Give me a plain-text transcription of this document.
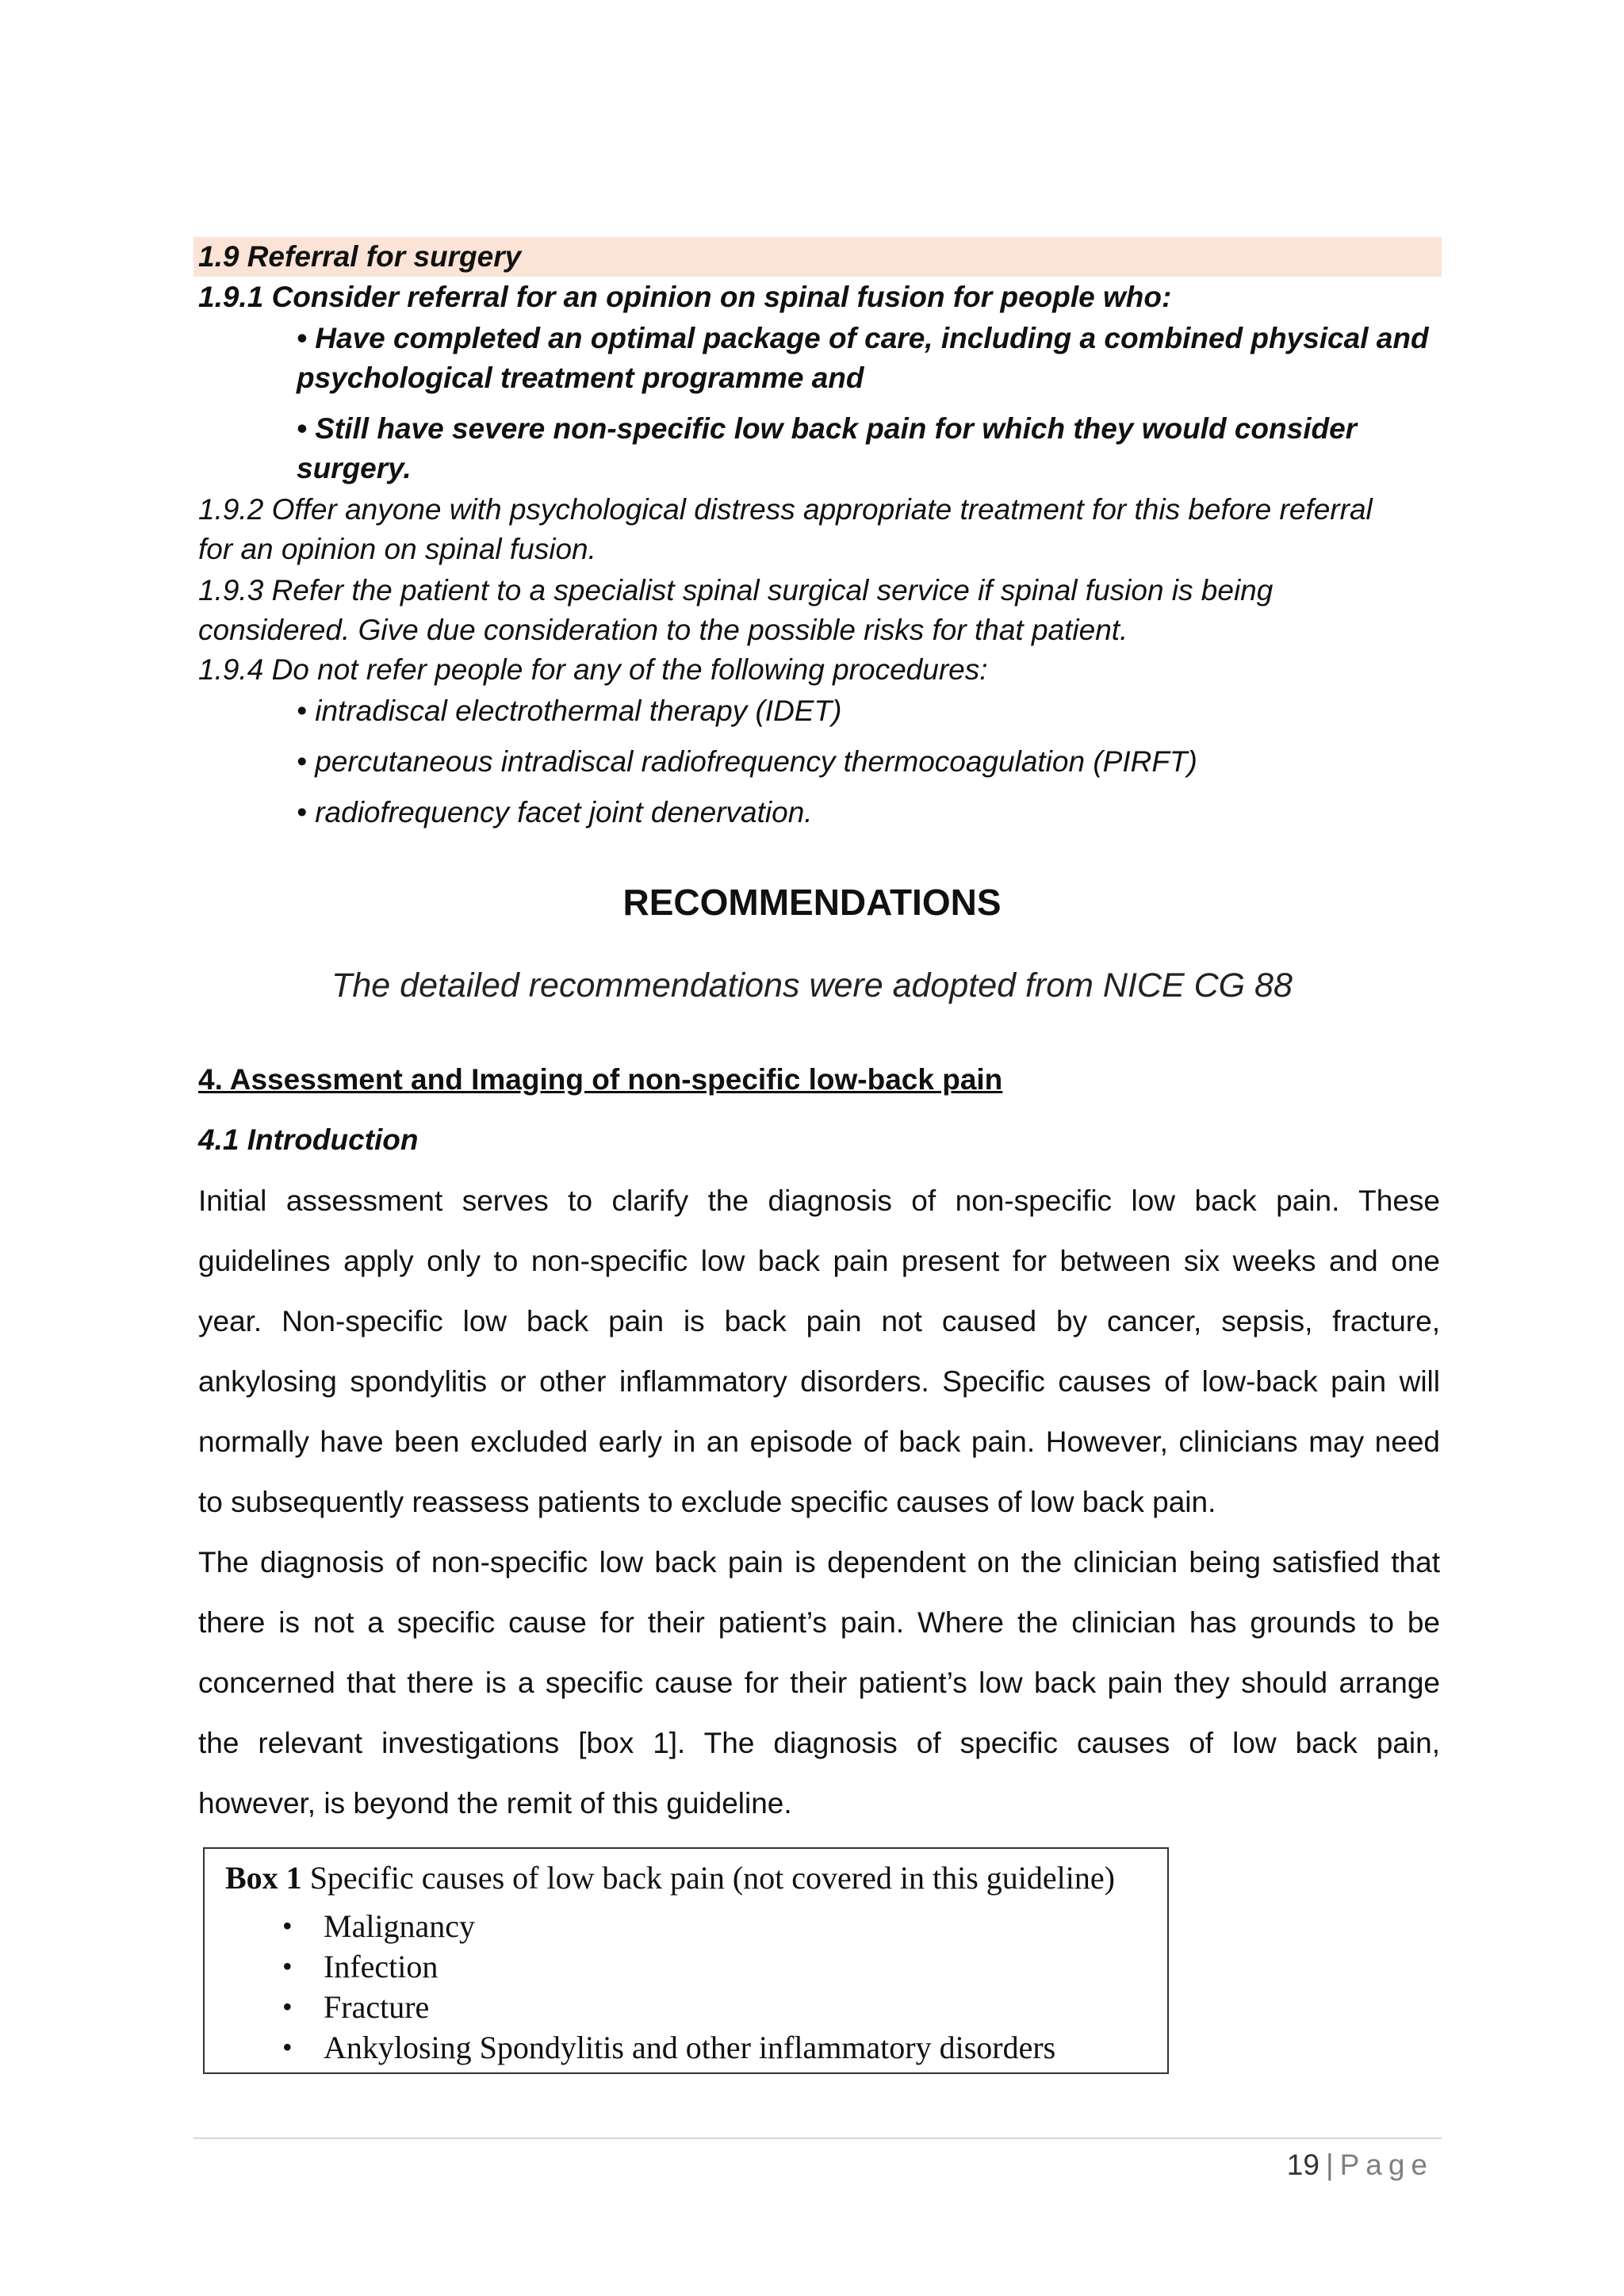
1.9 Referral for surgery
1.9.1 Consider referral for an opinion on spinal fusion for people who:
• Have completed an optimal package of care, including a combined physical and
psychological treatment programme and
• Still have severe non-specific low back pain for which they would consider
surgery.
1.9.2 Offer anyone with psychological distress appropriate treatment for this before referral
for an opinion on spinal fusion.
1.9.3 Refer the patient to a specialist spinal surgical service if spinal fusion is being
considered. Give due consideration to the possible risks for that patient.
1.9.4 Do not refer people for any of the following procedures:
• intradiscal electrothermal therapy (IDET)
• percutaneous intradiscal radiofrequency thermocoagulation (PIRFT)
• radiofrequency facet joint denervation.
RECOMMENDATIONS
The detailed recommendations were adopted from NICE CG 88
4. Assessment and Imaging of non-specific low-back pain
4.1 Introduction
Initial assessment serves to clarify the diagnosis of non-specific low back pain. These
guidelines apply only to non-specific low back pain present for between six weeks and one
year. Non-specific low back pain is back pain not caused by cancer, sepsis, fracture,
ankylosing spondylitis or other inflammatory disorders. Specific causes of low-back pain will
normally have been excluded early in an episode of back pain. However, clinicians may need
to subsequently reassess patients to exclude specific causes of low back pain.
The diagnosis of non-specific low back pain is dependent on the clinician being satisfied that
there is not a specific cause for their patient’s pain. Where the clinician has grounds to be
concerned that there is a specific cause for their patient’s low back pain they should arrange
the relevant investigations [box 1]. The diagnosis of specific causes of low back pain,
however, is beyond the remit of this guideline.
Box 1 Specific causes of low back pain (not covered in this guideline)
• Malignancy
• Infection
• Fracture
• Ankylosing Spondylitis and other inflammatory disorders
19 | Page
